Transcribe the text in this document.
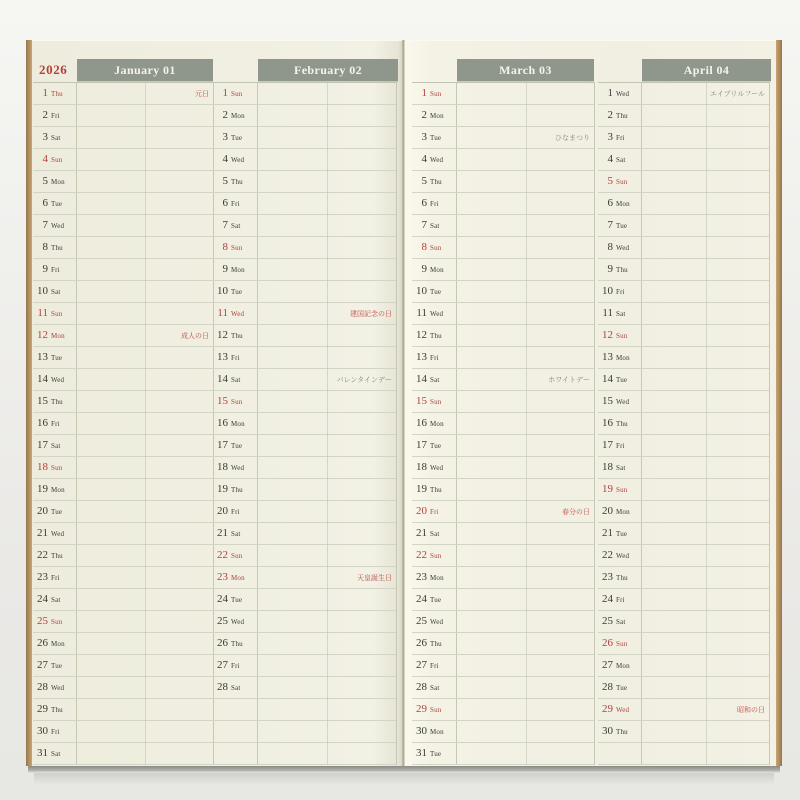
2026	January 01
1 Thu	元日
2 Fri
3 Sat
4 Sun
5 Mon
6 Tue
7 Wed
8 Thu
9 Fri
10 Sat
11 Sun
12 Mon	成人の日
13 Tue
14 Wed
15 Thu
16 Fri
17 Sat
18 Sun
19 Mon
20 Tue
21 Wed
22 Thu
23 Fri
24 Sat
25 Sun
26 Mon
27 Tue
28 Wed
29 Thu
30 Fri
31 Sat
February 02
1 Sun
2 Mon
3 Tue
4 Wed
5 Thu
6 Fri
7 Sat
8 Sun
9 Mon
10 Tue
11 Wed	建国記念の日
12 Thu
13 Fri
14 Sat	バレンタインデー
15 Sun
16 Mon
17 Tue
18 Wed
19 Thu
20 Fri
21 Sat
22 Sun
23 Mon	天皇誕生日
24 Tue
25 Wed
26 Thu
27 Fri
28 Sat
March 03
1 Sun
2 Mon
3 Tue	ひなまつり
4 Wed
5 Thu
6 Fri
7 Sat
8 Sun
9 Mon
10 Tue
11 Wed
12 Thu
13 Fri
14 Sat	ホワイトデー
15 Sun
16 Mon
17 Tue
18 Wed
19 Thu
20 Fri	春分の日
21 Sat
22 Sun
23 Mon
24 Tue
25 Wed
26 Thu
27 Fri
28 Sat
29 Sun
30 Mon
31 Tue
April 04
1 Wed	エイプリルフール
2 Thu
3 Fri
4 Sat
5 Sun
6 Mon
7 Tue
8 Wed
9 Thu
10 Fri
11 Sat
12 Sun
13 Mon
14 Tue
15 Wed
16 Thu
17 Fri
18 Sat
19 Sun
20 Mon
21 Tue
22 Wed
23 Thu
24 Fri
25 Sat
26 Sun
27 Mon
28 Tue
29 Wed	昭和の日
30 Thu
